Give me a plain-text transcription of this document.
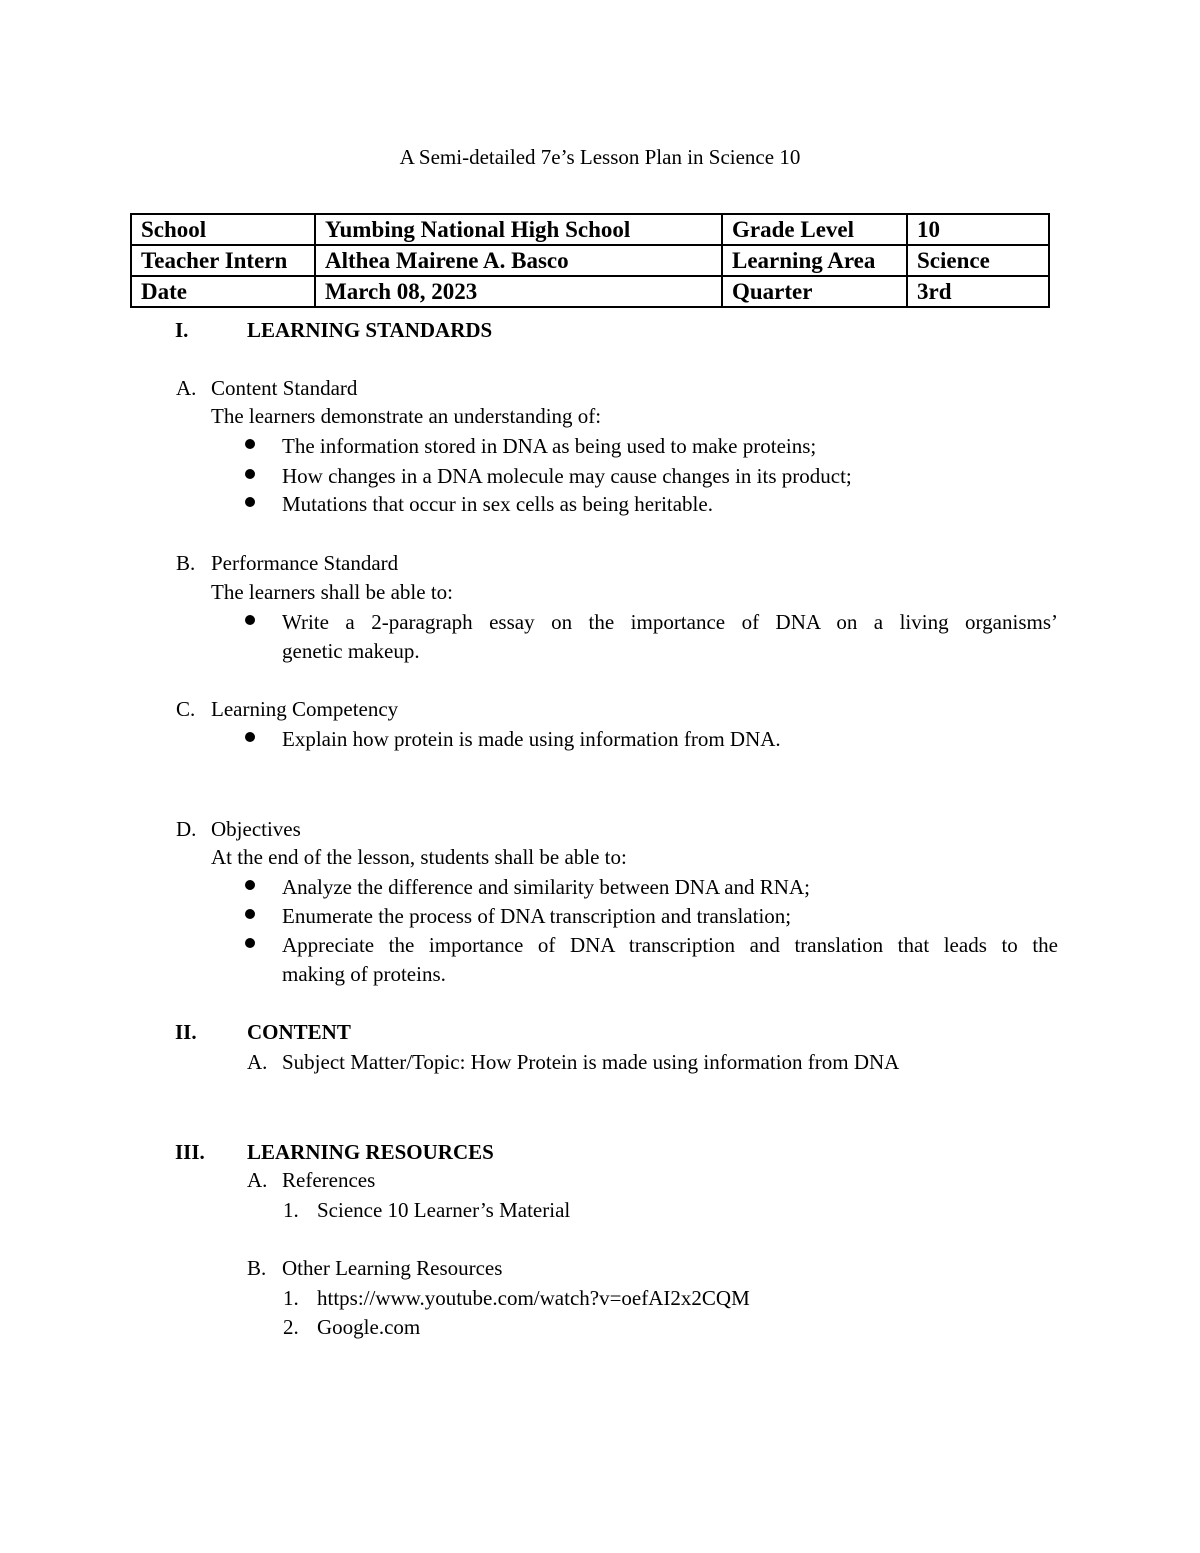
A Semi-detailed 7e’s Lesson Plan in Science 10
School	Yumbing National High School	Grade Level	10
Teacher Intern	Althea Mairene A. Basco	Learning Area	Science
Date	March 08, 2023	Quarter	3rd
I.	LEARNING STANDARDS
A. Content Standard
The learners demonstrate an understanding of:
The information stored in DNA as being used to make proteins;
How changes in a DNA molecule may cause changes in its product;
Mutations that occur in sex cells as being heritable.
B. Performance Standard
The learners shall be able to:
Write a 2-paragraph essay on the importance of DNA on a living organisms’
genetic makeup.
C. Learning Competency
Explain how protein is made using information from DNA.
D. Objectives
At the end of the lesson, students shall be able to:
Analyze the difference and similarity between DNA and RNA;
Enumerate the process of DNA transcription and translation;
Appreciate the importance of DNA transcription and translation that leads to the
making of proteins.
II. CONTENT
A. Subject Matter/Topic: How Protein is made using information from DNA
III. LEARNING RESOURCES
A. References
1. Science 10 Learner’s Material
B. Other Learning Resources
1. https://www.youtube.com/watch?v=oefAI2x2CQM
2. Google.com
